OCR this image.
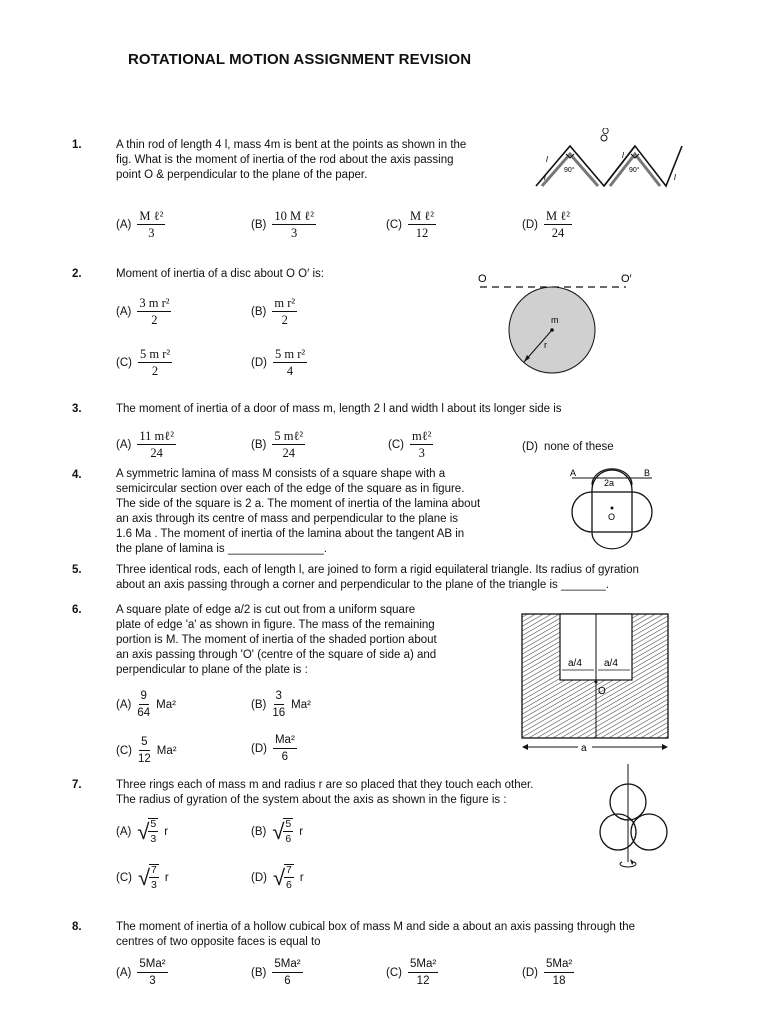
ROTATIONAL MOTION ASSIGNMENT REVISION
1.	A thin rod of length 4 l, mass 4m is bent at the points as shown in the
fig. What is the moment of inertia of the rod about the axis passing
point O & perpendicular to the plane of the paper.
O
90°	90°
l	l
l	l
$(A) \frac{\text{M ℓ²}}{3}$	$(B) \frac{\text{10 M ℓ²}}{3}$	$(C) \frac{\text{M ℓ²}}{12}$	$(D) \frac{\text{M ℓ²}}{24}$
2.	Moment of inertia of a disc about O O′ is:	O	O′
m
r
$(A) \frac{\text{3 m r²}}{2}$	$(B) \frac{\text{m r²}}{2}$
$(C) \frac{\text{5 m r²}}{2}$	$(D) \frac{\text{5 m r²}}{4}$
3.	The moment of inertia of a door of mass m, length 2 l and width l about its longer side is
$(A) \frac{\text{11 mℓ²}}{24}$	$(B) \frac{\text{5 mℓ²}}{24}$	$(C) \frac{\text{mℓ²}}{3}$	(D) none of these
4.	A symmetric lamina of mass M consists of a square shape with a
semicircular section over each of the edge of the square as in figure.
The side of the square is 2 a. The moment of inertia of the lamina about
an axis through its centre of mass and perpendicular to the plane is
1.6 Ma . The moment of inertia of the lamina about the tangent AB in
the plane of lamina is _______________.
A	B
2a
O
5.	Three identical rods, each of length l, are joined to form a rigid equilateral triangle. Its radius of gyration
about an axis passing through a corner and perpendicular to the plane of the triangle is _______.
6.	A square plate of edge a/2 is cut out from a uniform square
plate of edge 'a' as shown in figure. The mass of the remaining
portion is M. The moment of inertia of the shaded portion about
an axis passing through 'O' (centre of the square of side a) and
perpendicular to plane of the plate is :
a/4 a/4
O
a
$(A) \frac{9}{64} Ma^2$	$(B) \frac{3}{16} Ma^2$
$(C) \frac{5}{12} Ma^2$	$(D) \frac{\text{Ma²}}{6}$
7.	Three rings each of mass m and radius r are so placed that they touch each other.
The radius of gyration of the system about the axis as shown in the figure is :
(A) √ $\frac{5}{3}$ r	(B) √ $\frac{5}{6}$ r
(C) √ $\frac{7}{3}$ r	(D) √ $\frac{7}{6}$ r
8.	The moment of inertia of a hollow cubical box of mass M and side a about an axis passing through the
centres of two opposite faces is equal to
$(A) \frac{\text{5Ma²}}{3}$	$(B) \frac{\text{5Ma²}}{6}$	$(C) \frac{\text{5Ma²}}{12}$	$(D) \frac{\text{5Ma²}}{18}$
